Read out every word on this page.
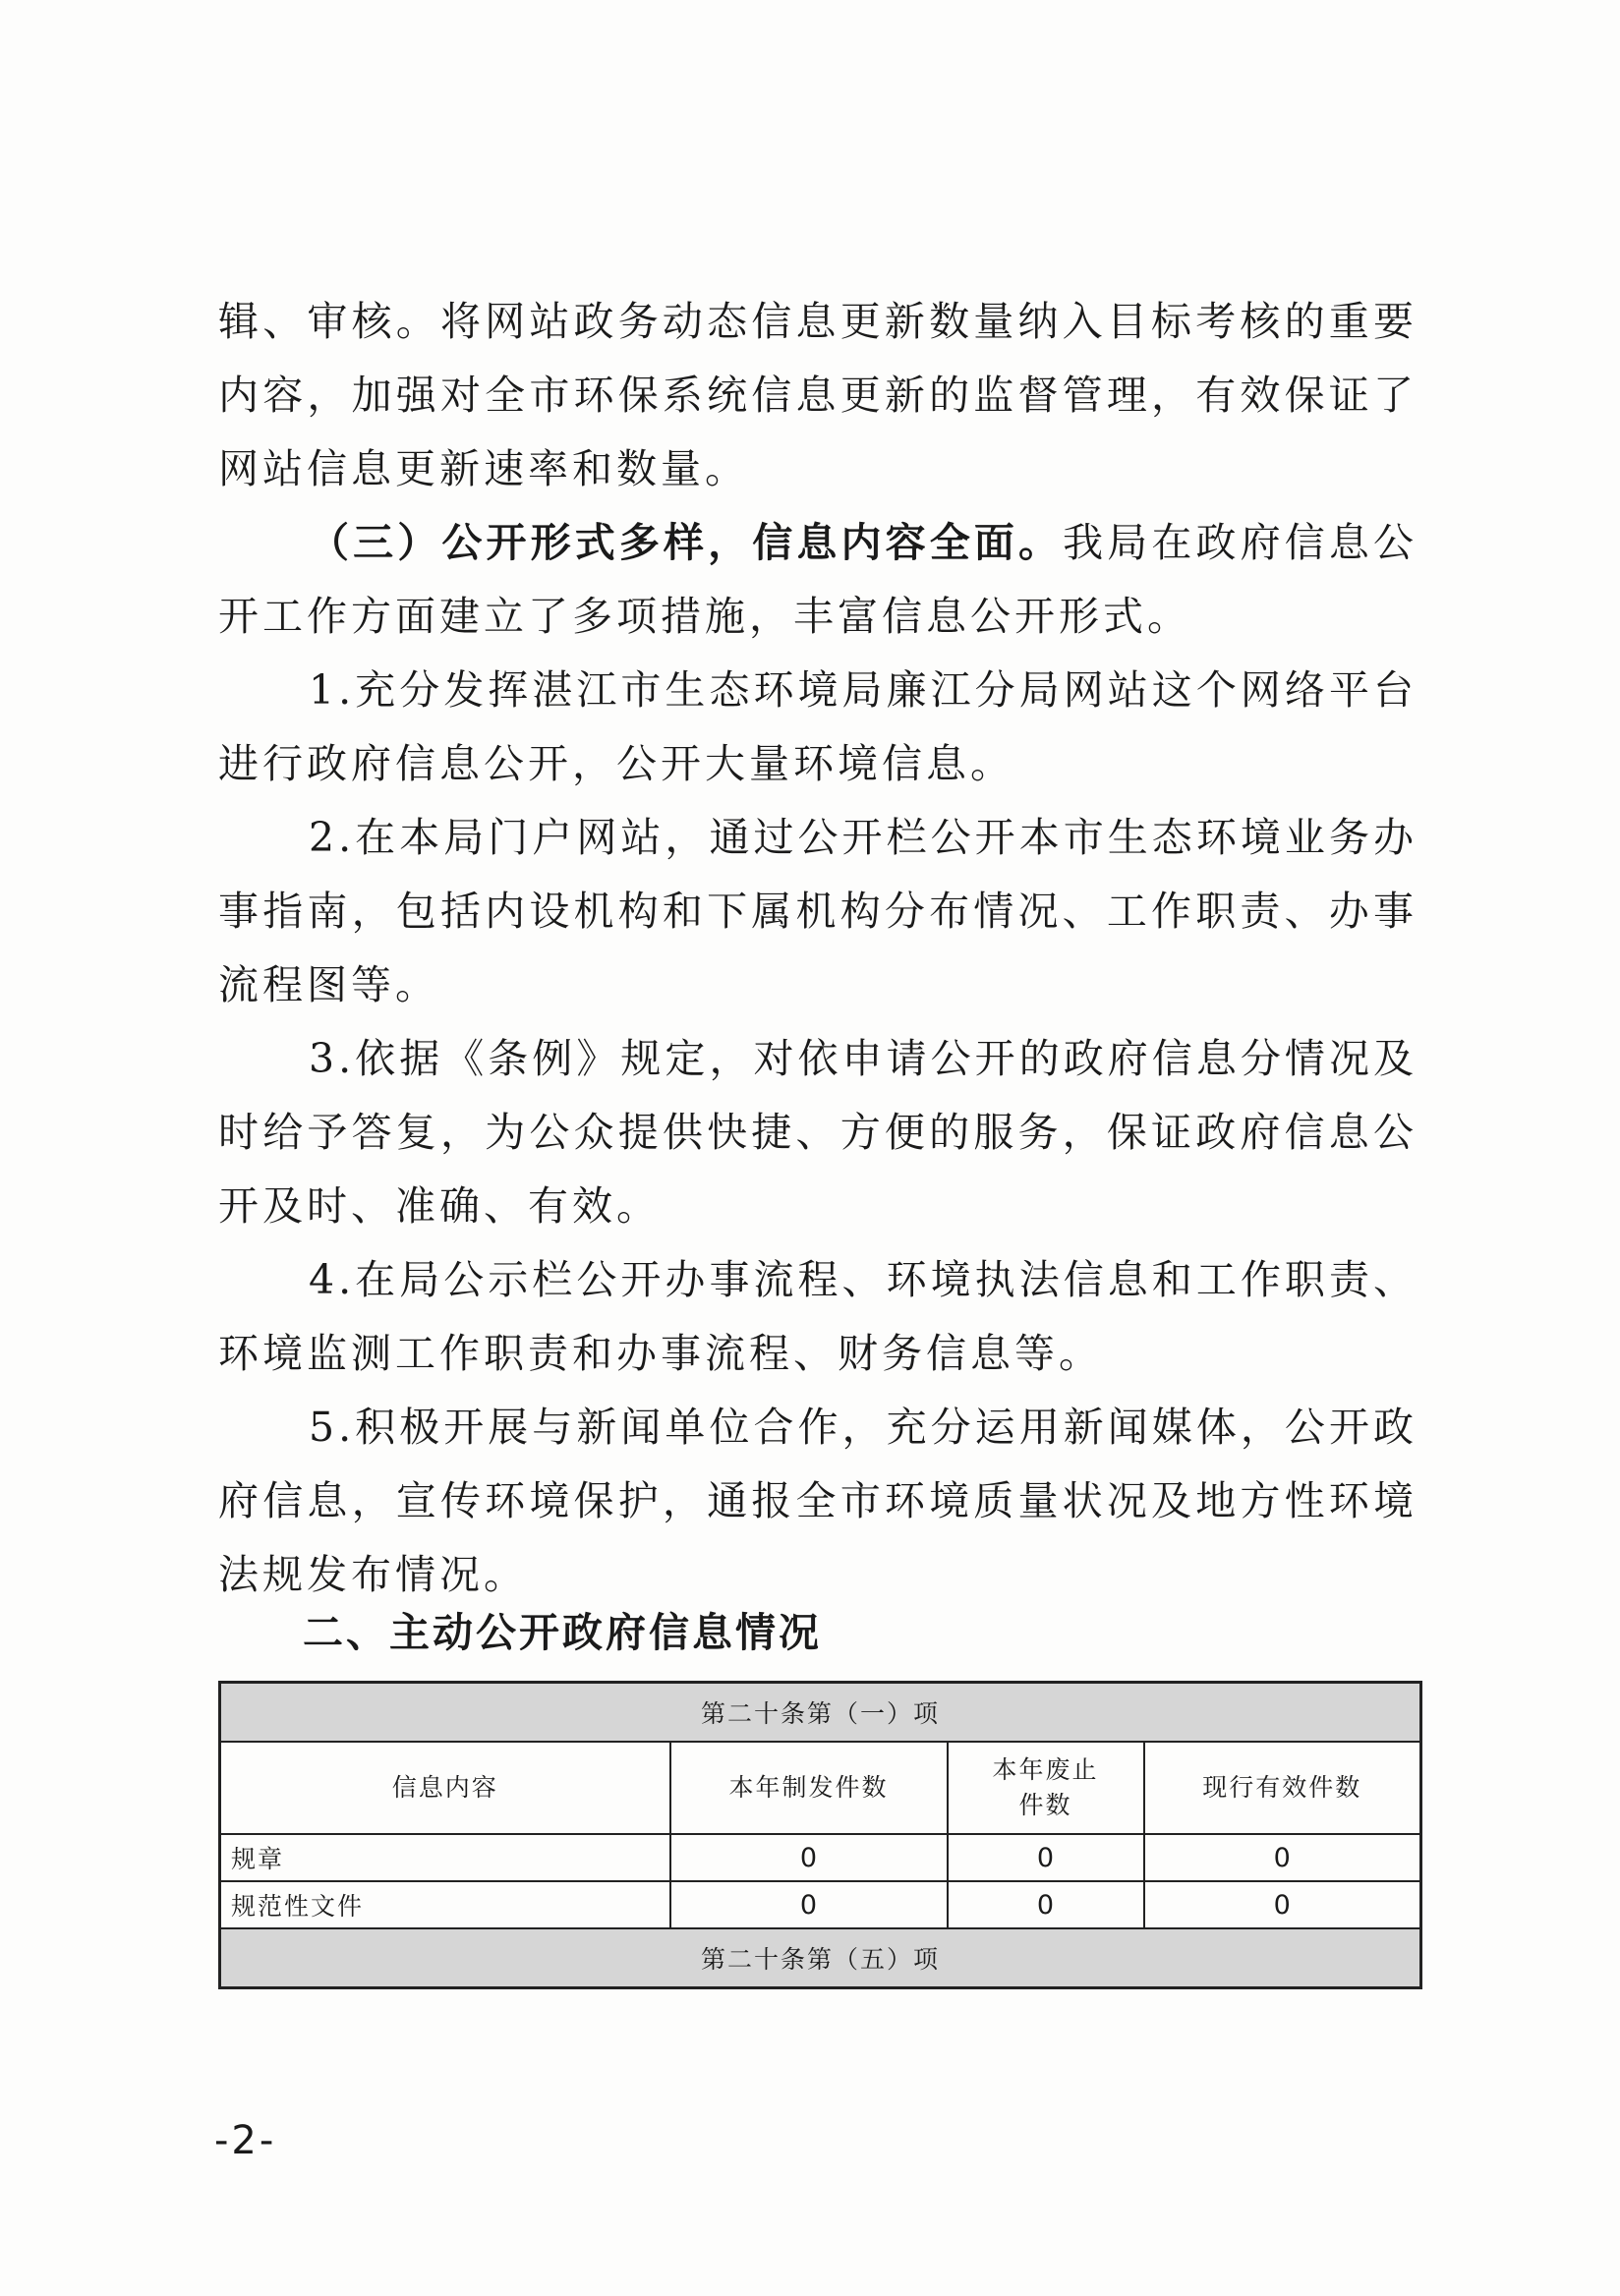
辑、审核。将网站政务动态信息更新数量纳入目标考核的重要内容，加强对全市环保系统信息更新的监督管理，有效保证了网站信息更新速率和数量。

（三）公开形式多样，信息内容全面。我局在政府信息公开工作方面建立了多项措施，丰富信息公开形式。

1.充分发挥湛江市生态环境局廉江分局网站这个网络平台进行政府信息公开，公开大量环境信息。

2.在本局门户网站，通过公开栏公开本市生态环境业务办事指南，包括内设机构和下属机构分布情况、工作职责、办事流程图等。

3.依据《条例》规定，对依申请公开的政府信息分情况及时给予答复，为公众提供快捷、方便的服务，保证政府信息公开及时、准确、有效。

4.在局公示栏公开办事流程、环境执法信息和工作职责、环境监测工作职责和办事流程、财务信息等。

5.积极开展与新闻单位合作，充分运用新闻媒体，公开政府信息，宣传环境保护，通报全市环境质量状况及地方性环境法规发布情况。

二、主动公开政府信息情况
第二十条第（一）项			
信息内容	本年制发件数	本年废止件数	现行有效件数
规章	0	0	0
规范性文件	0	0	0
第二十条第（五）项			

-2-
